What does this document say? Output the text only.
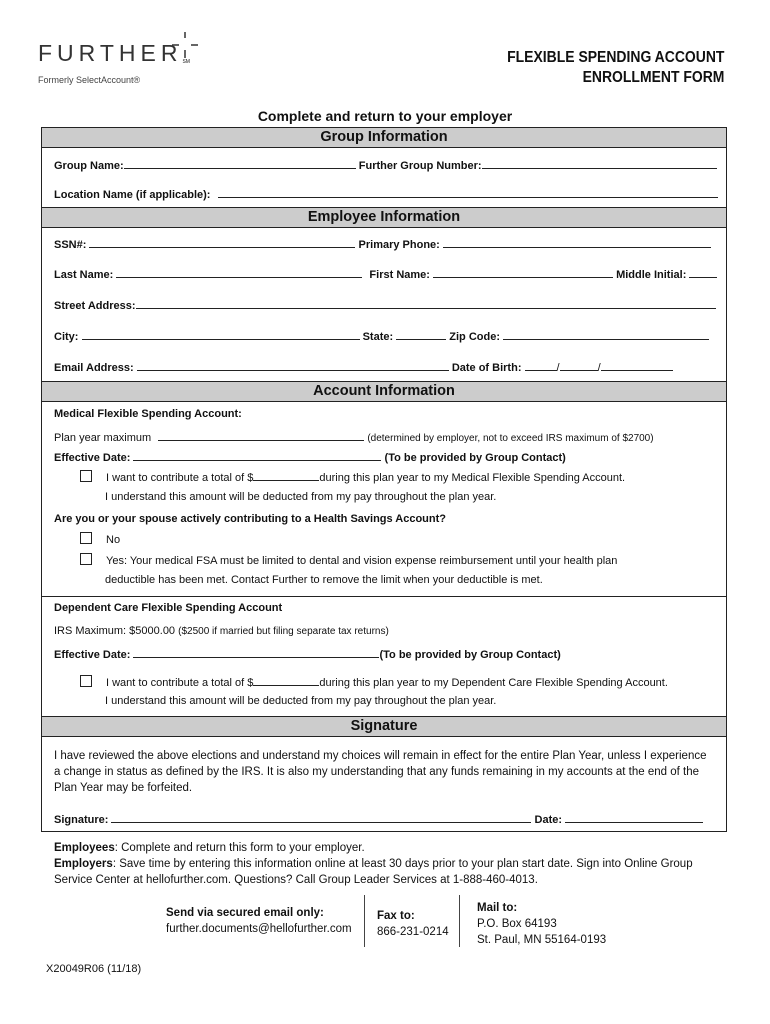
FURTHERSM
Formerly SelectAccount®
FLEXIBLE SPENDING ACCOUNT
ENROLLMENT FORM
Complete and return to your employer
Group Information
Group Name:	Further Group Number:
Location Name (if applicable):
Employee Information
SSN#:	Primary Phone:
Last Name:	First Name:	Middle Initial:
Street Address:
City:	State:	Zip Code:
Email Address:	Date of Birth:	/	/
Account Information
Medical Flexible Spending Account:
Plan year maximum	(determined by employer, not to exceed IRS maximum of $2700)
Effective Date:	(To be provided by Group Contact)
I want to contribute a total of $	during this plan year to my Medical Flexible Spending Account.
I understand this amount will be deducted from my pay throughout the plan year.
Are you or your spouse actively contributing to a Health Savings Account?
No
Yes: Your medical FSA must be limited to dental and vision expense reimbursement until your health plan
deductible has been met. Contact Further to remove the limit when your deductible is met.
Dependent Care Flexible Spending Account
IRS Maximum: $5000.00 ($2500 if married but filing separate tax returns)
Effective Date:	(To be provided by Group Contact)
I want to contribute a total of $	during this plan year to my Dependent Care Flexible Spending Account.
I understand this amount will be deducted from my pay throughout the plan year.
Signature
I have reviewed the above elections and understand my choices will remain in effect for the entire Plan Year, unless I experience a change in status as defined by the IRS. It is also my understanding that any funds remaining in my accounts at the end of the Plan Year may be forfeited.
Signature:	Date:
Employees: Complete and return this form to your employer.
Employers: Save time by entering this information online at least 30 days prior to your plan start date. Sign into Online Group Service Center at hellofurther.com. Questions? Call Group Leader Services at 1-888-460-4013.
Send via secured email only:
further.documents@hellofurther.com
Fax to:
866-231-0214
Mail to:
P.O. Box 64193
St. Paul, MN 55164-0193
X20049R06 (11/18)
